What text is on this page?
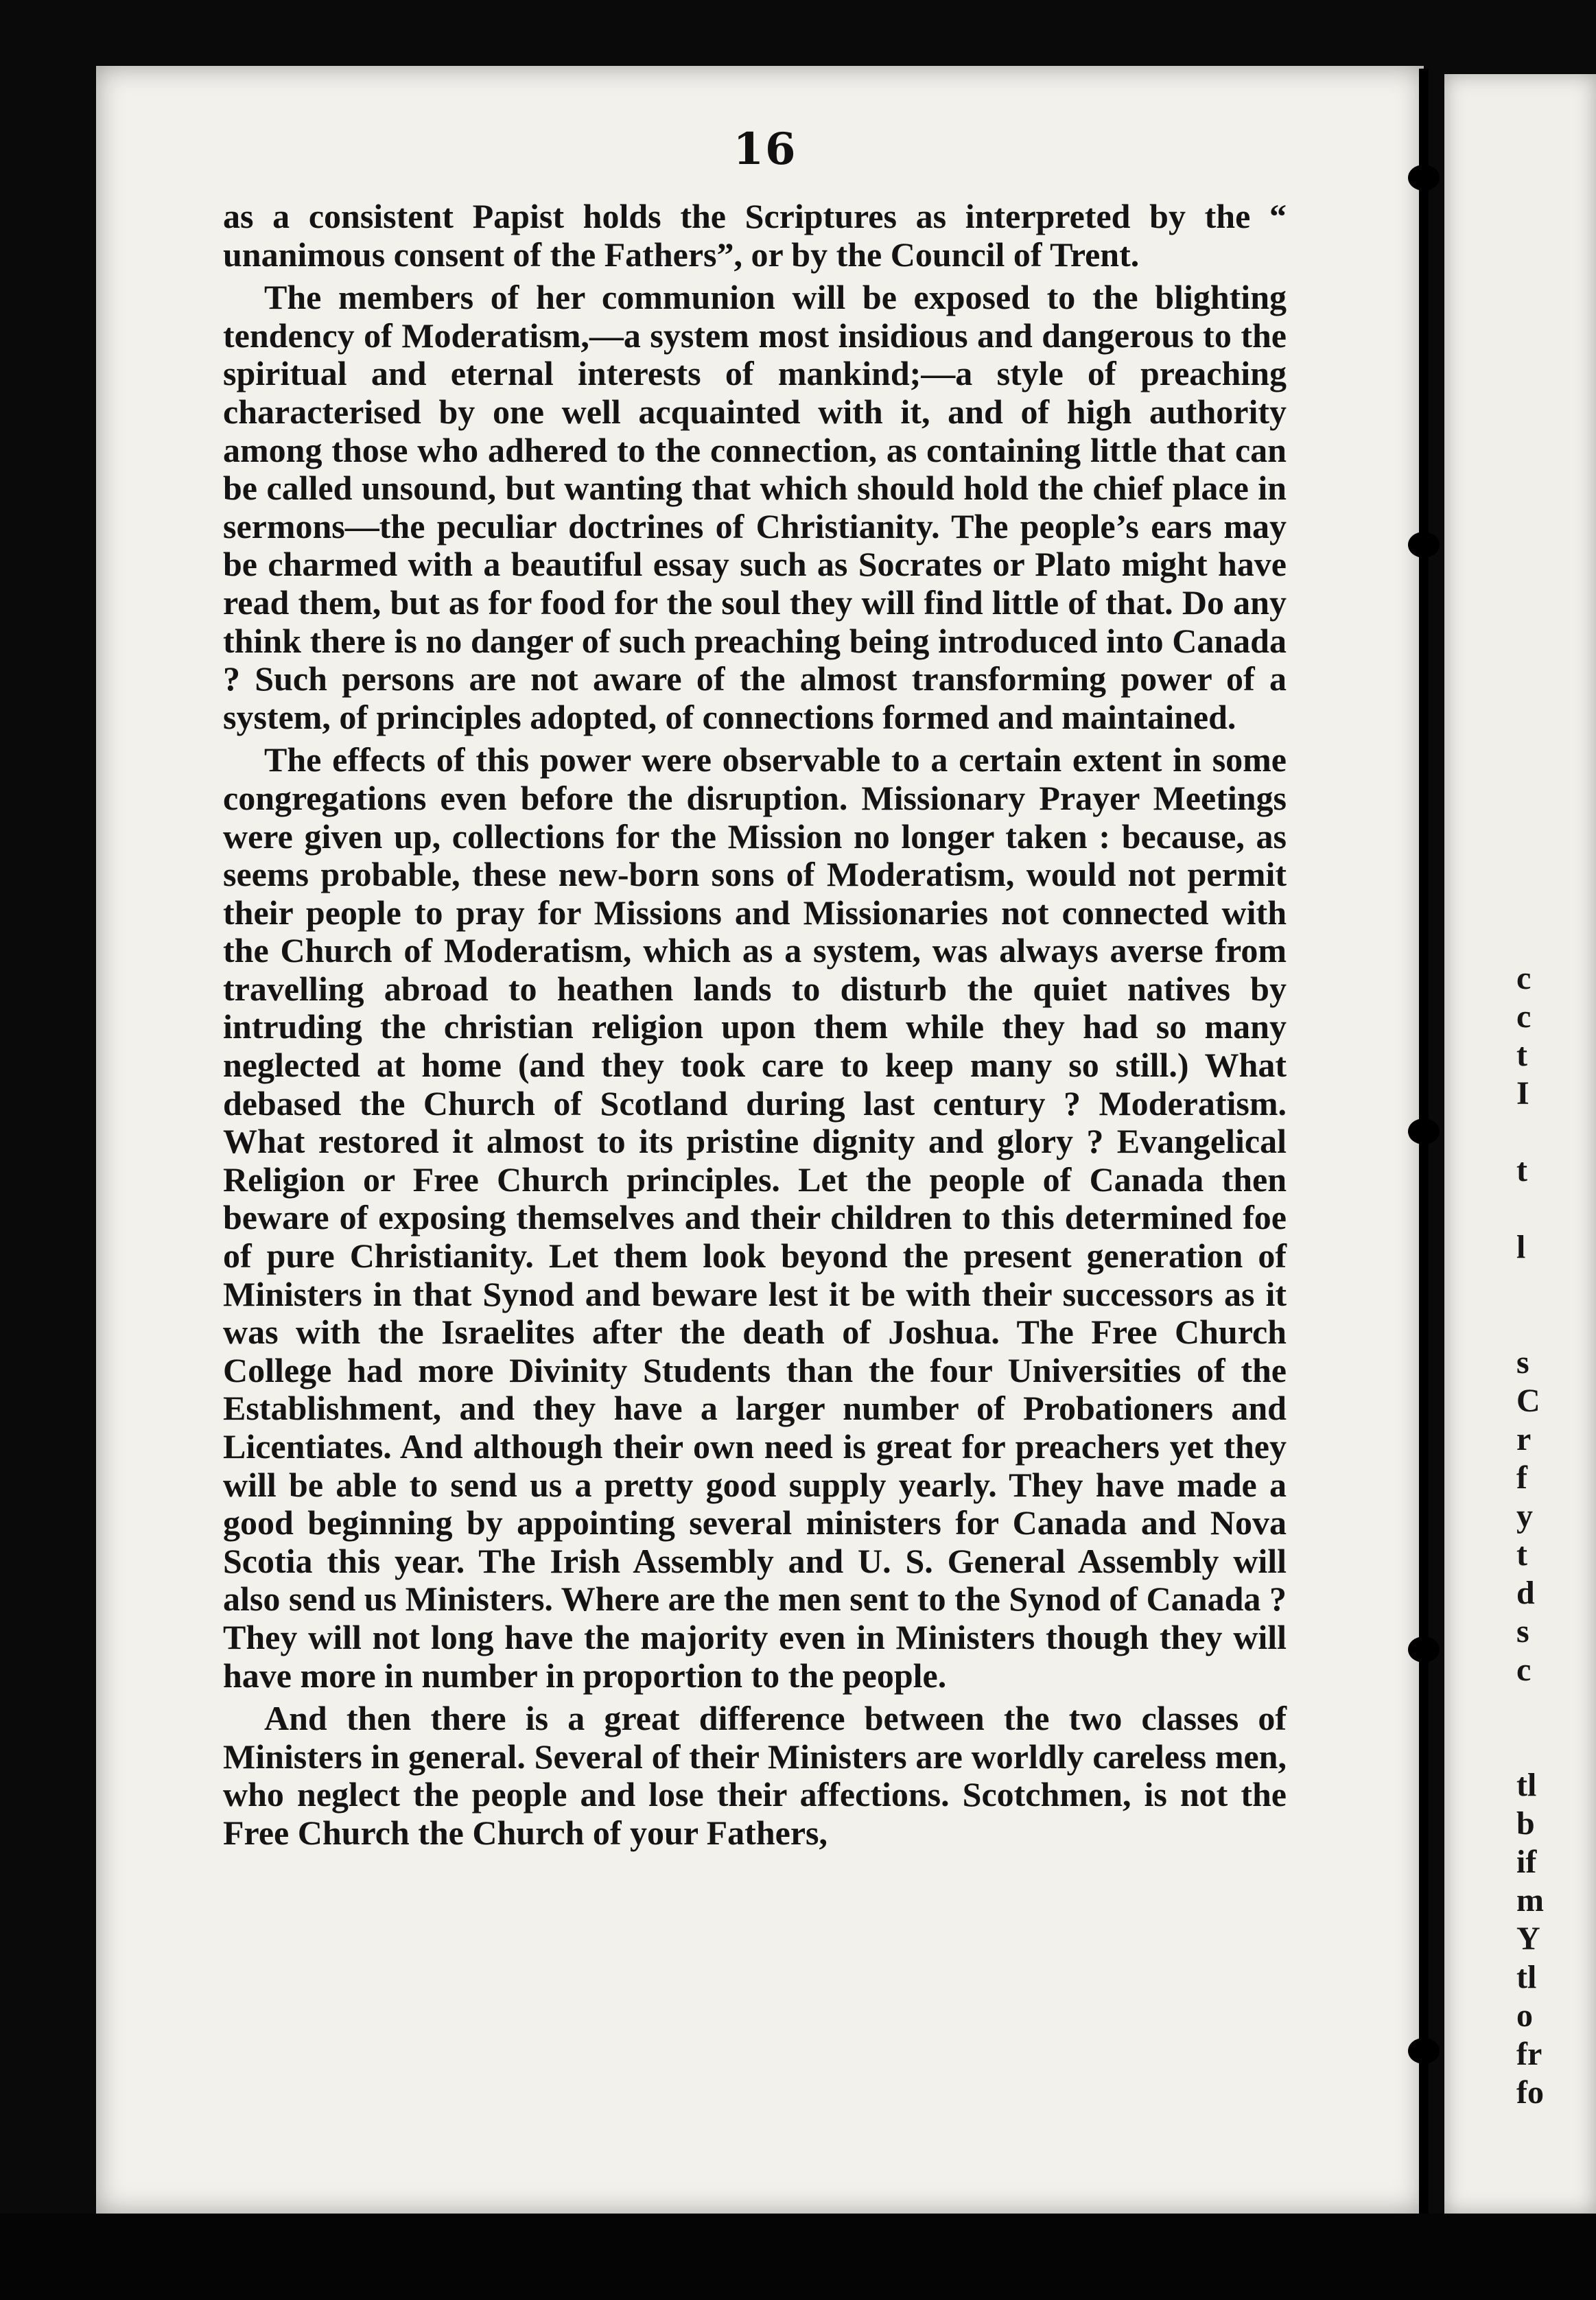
c
c
t
I
t
l
s
C
r
f
y
t
d
s
c
tl
b
if
m
Y
tl
o
fr
fo
16

as a consistent Papist holds the Scriptures as interpreted by the “ unanimous consent of the Fathers”, or by the Council of Trent.

The members of her communion will be exposed to the blighting tendency of Moderatism,—a system most insidious and dangerous to the spiritual and eternal interests of mankind;—a style of preaching characterised by one well acquainted with it, and of high authority among those who adhered to the connection, as containing little that can be called unsound, but wanting that which should hold the chief place in sermons—the peculiar doctrines of Christianity. The people’s ears may be charmed with a beautiful essay such as Socrates or Plato might have read them, but as for food for the soul they will find little of that. Do any think there is no danger of such preaching being introduced into Canada ? Such persons are not aware of the almost transforming power of a system, of principles adopted, of connections formed and maintained.

The effects of this power were observable to a certain extent in some congregations even before the disruption. Missionary Prayer Meetings were given up, collections for the Mission no longer taken : because, as seems probable, these new-born sons of Moderatism, would not permit their people to pray for Missions and Missionaries not connected with the Church of Moderatism, which as a system, was always averse from travelling abroad to heathen lands to disturb the quiet natives by intruding the christian religion upon them while they had so many neglected at home (and they took care to keep many so still.) What debased the Church of Scotland during last century ? Moderatism. What restored it almost to its pristine dignity and glory ? Evangelical Religion or Free Church principles. Let the people of Canada then beware of exposing themselves and their children to this determined foe of pure Christianity. Let them look beyond the present generation of Ministers in that Synod and beware lest it be with their successors as it was with the Israelites after the death of Joshua. The Free Church College had more Divinity Students than the four Universities of the Establishment, and they have a larger number of Probationers and Licentiates. And although their own need is great for preachers yet they will be able to send us a pretty good supply yearly. They have made a good beginning by appointing several ministers for Canada and Nova Scotia this year. The Irish Assembly and U. S. General Assembly will also send us Ministers. Where are the men sent to the Synod of Canada ? They will not long have the majority even in Ministers though they will have more in number in proportion to the people.

And then there is a great difference between the two classes of Ministers in general. Several of their Ministers are worldly careless men, who neglect the people and lose their affections. Scotchmen, is not the Free Church the Church of your Fathers,
